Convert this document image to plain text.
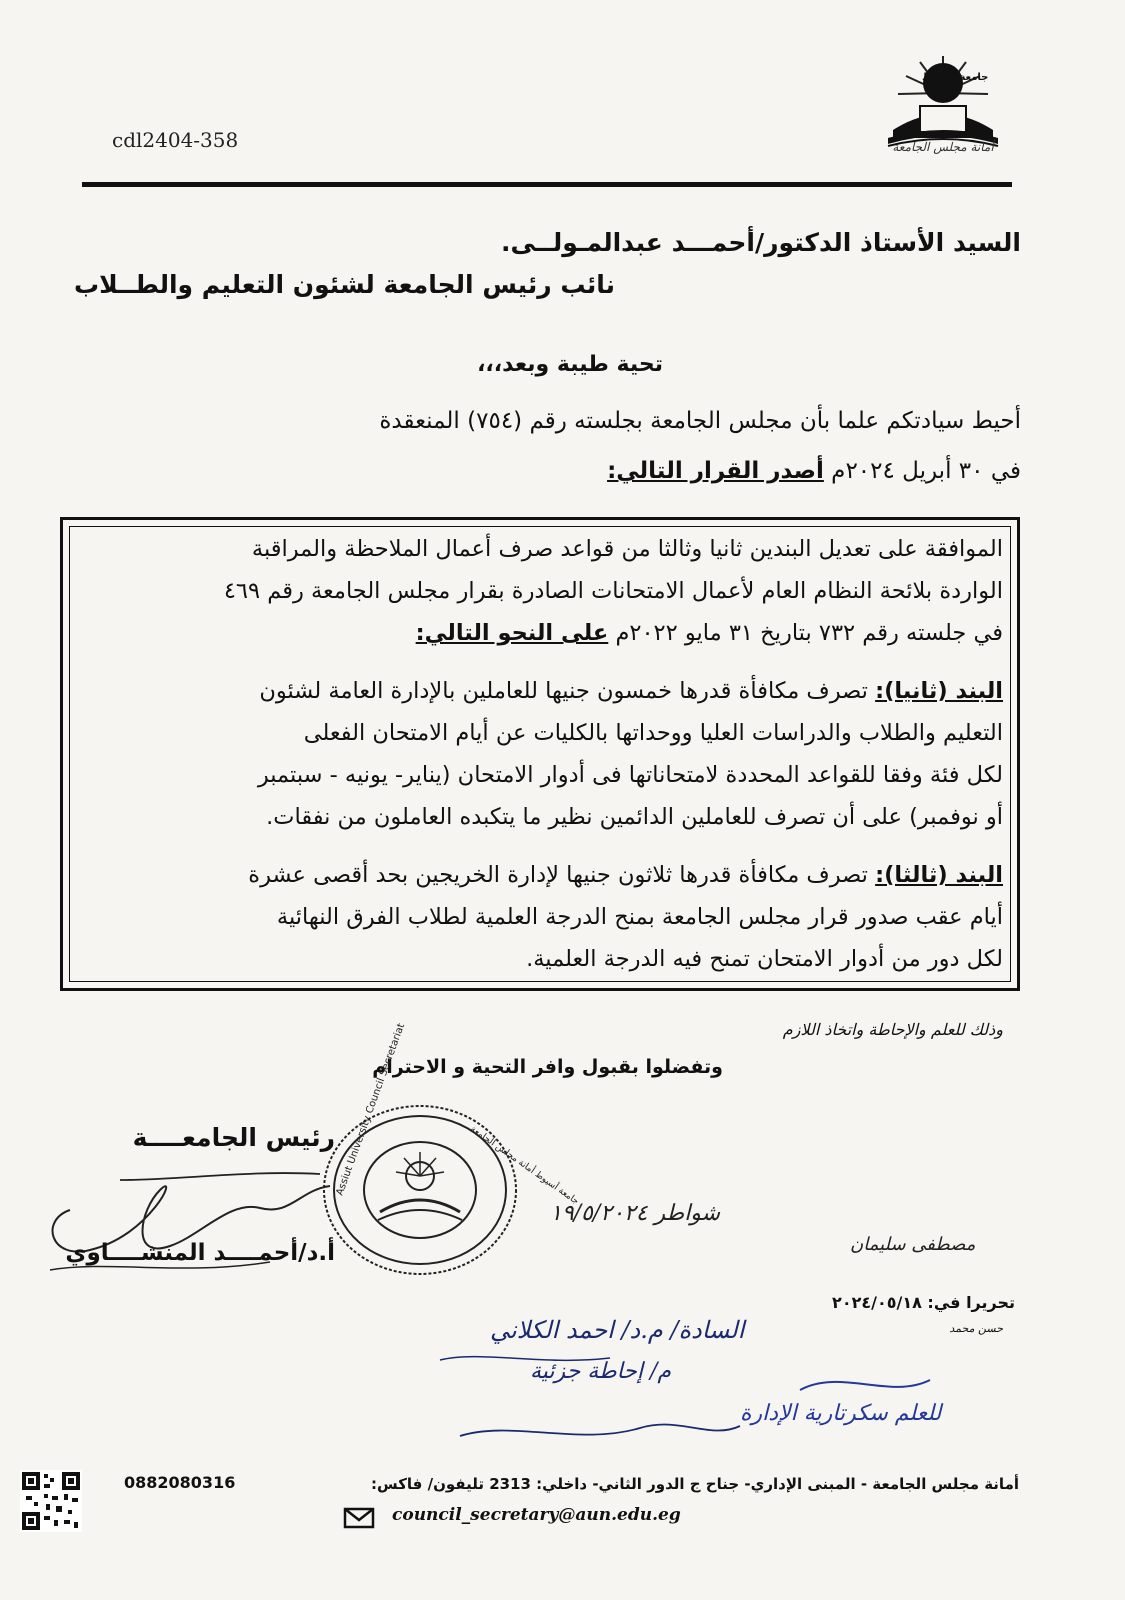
cdl2404-358
جامعة أسيوط
أمانة مجلس الجامعة
السيد الأستاذ الدكتور/أحمـــد عبدالمـولــى.
نائب رئيس الجامعة لشئون التعليم والطــلاب
تحية طيبة وبعد،،،
أحيط سيادتكم علما بأن مجلس الجامعة بجلسته رقم (٧٥٤) المنعقدة
في ٣٠ أبريل ٢٠٢٤م أصدر القرار التالي:
الموافقة على تعديل البندين ثانيا وثالثا من قواعد صرف أعمال الملاحظة والمراقبة
الواردة بلائحة النظام العام لأعمال الامتحانات الصادرة بقرار مجلس الجامعة رقم ٤٦٩
في جلسته رقم ٧٣٢ بتاريخ ٣١ مايو ٢٠٢٢م على النحو التالي:
البند (ثانيا): تصرف مكافأة قدرها خمسون جنيها للعاملين بالإدارة العامة لشئون
التعليم والطلاب والدراسات العليا ووحداتها بالكليات عن أيام الامتحان الفعلى
لكل فئة وفقا للقواعد المحددة لامتحاناتها فى أدوار الامتحان (يناير- يونيه - سبتمبر
أو نوفمبر) على أن تصرف للعاملين الدائمين نظير ما يتكبده العاملون من نفقات.
البند (ثالثا): تصرف مكافأة قدرها ثلاثون جنيها لإدارة الخريجين بحد أقصى عشرة
أيام عقب صدور قرار مجلس الجامعة بمنح الدرجة العلمية لطلاب الفرق النهائية
لكل دور من أدوار الامتحان تمنح فيه الدرجة العلمية.
وذلك للعلم والإحاطة واتخاذ اللازم
وتفضلوا بقبول وافر التحية و الاحترام
رئيس الجامعــــة Assiut University Council Secretariat	جامعة أسيوط أمانة مجلس الجامعة
أ.د/أحمــــد المنشــــاوي
شواطر ١٩/٥/٢٠٢٤
مصطفى سليمان
السادة/ م.د/ احمد الكلاني
م/ إحاطة جزئية
للعلم سكرتارية الإدارة
تحريرا في: ٢٠٢٤/٠٥/١٨
حسن محمد
أمانة مجلس الجامعة - المبنى الإداري- جناح ج الدور الثاني- داخلي: 2313 تليفون/ فاكس:
0882080316
council_secretary@aun.edu.eg
